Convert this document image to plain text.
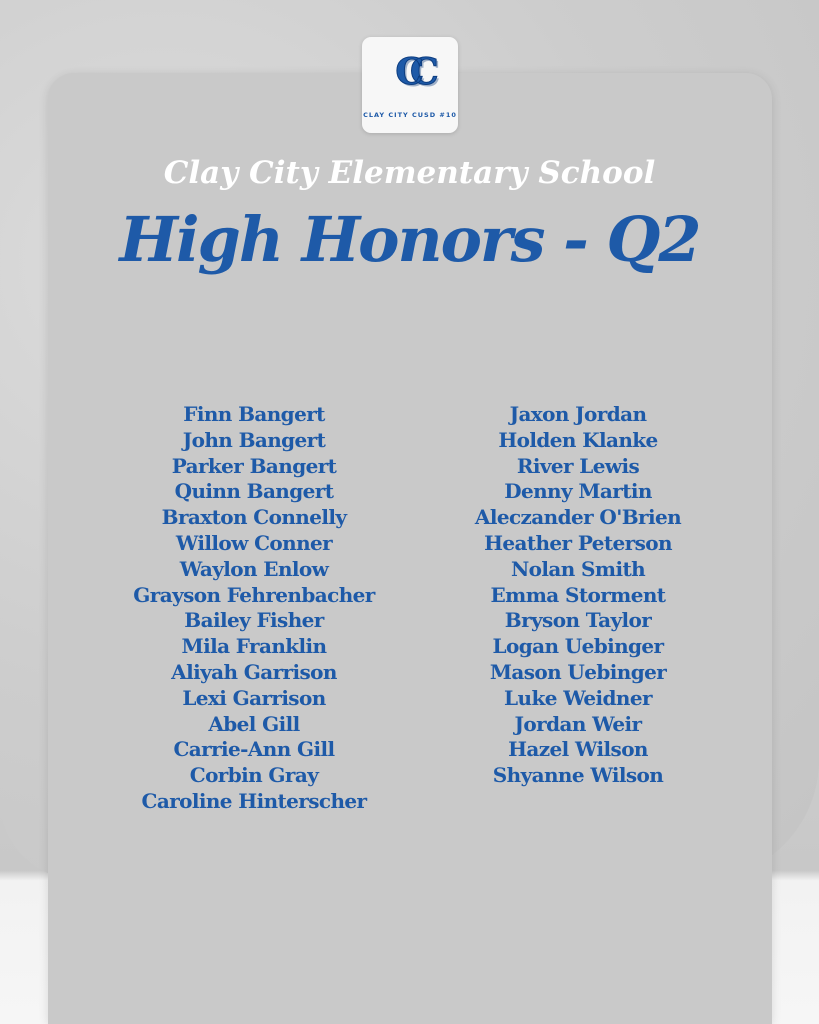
CC
CLAY CITY CUSD #10
Clay City Elementary School
High Honors - Q2
Finn Bangert
John Bangert
Parker Bangert
Quinn Bangert
Braxton Connelly
Willow Conner
Waylon Enlow
Grayson Fehrenbacher
Bailey Fisher
Mila Franklin
Aliyah Garrison
Lexi Garrison
Abel Gill
Carrie-Ann Gill
Corbin Gray
Caroline Hinterscher
Jaxon Jordan
Holden Klanke
River Lewis
Denny Martin
Aleczander O'Brien
Heather Peterson
Nolan Smith
Emma Storment
Bryson Taylor
Logan Uebinger
Mason Uebinger
Luke Weidner
Jordan Weir
Hazel Wilson
Shyanne Wilson
